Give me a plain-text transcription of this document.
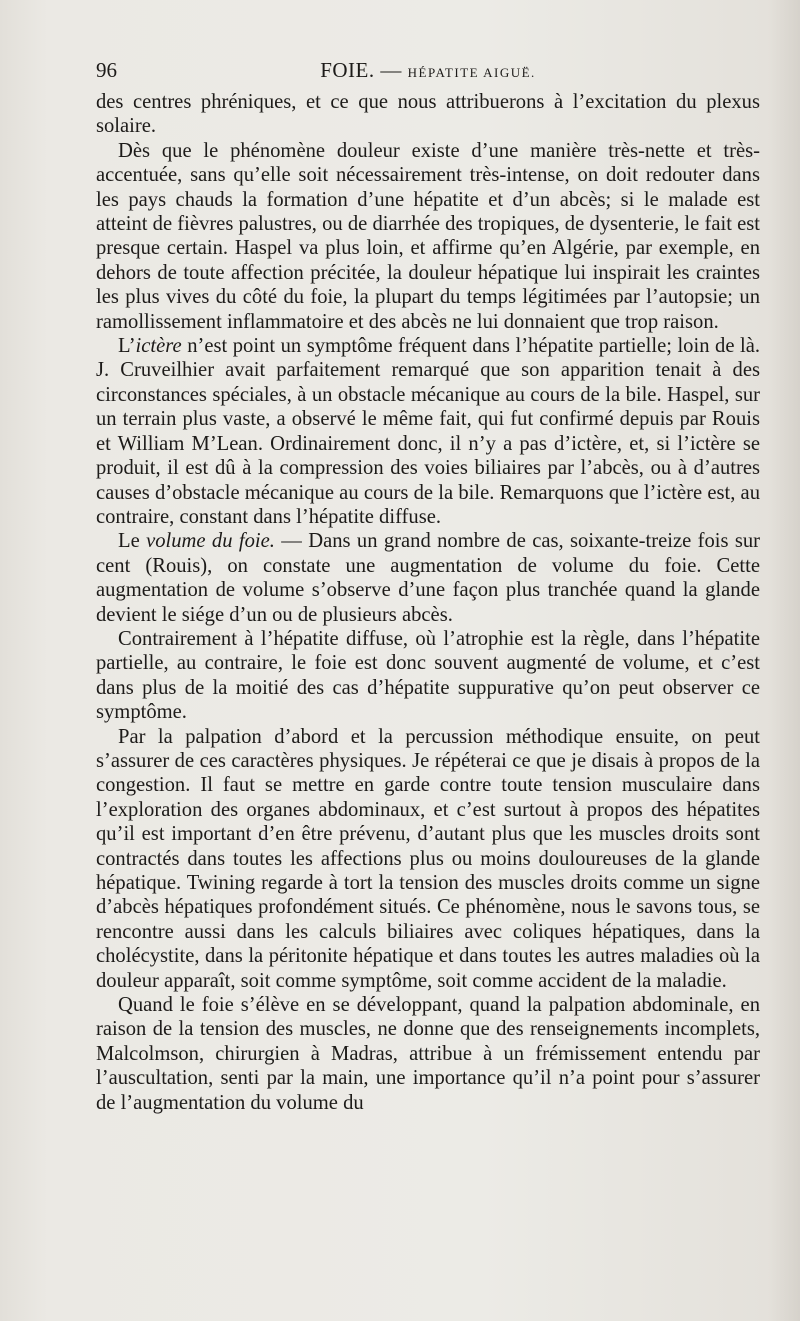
96	FOIE. — HÉPATITE AIGUË.

des centres phréniques, et ce que nous attribuerons à l’excitation du plexus solaire.

Dès que le phénomène douleur existe d’une manière très-nette et très-accentuée, sans qu’elle soit nécessairement très-intense, on doit redouter dans les pays chauds la formation d’une hépatite et d’un abcès; si le malade est atteint de fièvres palustres, ou de diarrhée des tropiques, de dysenterie, le fait est presque certain. Haspel va plus loin, et affirme qu’en Algérie, par exemple, en dehors de toute affection précitée, la douleur hépatique lui inspirait les craintes les plus vives du côté du foie, la plupart du temps légitimées par l’autopsie; un ramollissement inflammatoire et des abcès ne lui donnaient que trop raison.

L’ictère n’est point un symptôme fréquent dans l’hépatite partielle; loin de là. J. Cruveilhier avait parfaitement remarqué que son apparition tenait à des circonstances spéciales, à un obstacle mécanique au cours de la bile. Haspel, sur un terrain plus vaste, a observé le même fait, qui fut confirmé depuis par Rouis et William M’Lean. Ordinairement donc, il n’y a pas d’ictère, et, si l’ictère se produit, il est dû à la compression des voies biliaires par l’abcès, ou à d’autres causes d’obstacle mécanique au cours de la bile. Remarquons que l’ictère est, au contraire, constant dans l’hépatite diffuse.

Le volume du foie. — Dans un grand nombre de cas, soixante-treize fois sur cent (Rouis), on constate une augmentation de volume du foie. Cette augmentation de volume s’observe d’une façon plus tranchée quand la glande devient le siége d’un ou de plusieurs abcès.

Contrairement à l’hépatite diffuse, où l’atrophie est la règle, dans l’hépatite partielle, au contraire, le foie est donc souvent augmenté de volume, et c’est dans plus de la moitié des cas d’hépatite suppurative qu’on peut observer ce symptôme.

Par la palpation d’abord et la percussion méthodique ensuite, on peut s’assurer de ces caractères physiques. Je répéterai ce que je disais à propos de la congestion. Il faut se mettre en garde contre toute tension musculaire dans l’exploration des organes abdominaux, et c’est surtout à propos des hépatites qu’il est important d’en être prévenu, d’autant plus que les muscles droits sont contractés dans toutes les affections plus ou moins douloureuses de la glande hépatique. Twining regarde à tort la tension des muscles droits comme un signe d’abcès hépatiques profondément situés. Ce phénomène, nous le savons tous, se rencontre aussi dans les calculs biliaires avec coliques hépatiques, dans la cholécystite, dans la péritonite hépatique et dans toutes les autres maladies où la douleur apparaît, soit comme symptôme, soit comme accident de la maladie.

Quand le foie s’élève en se développant, quand la palpation abdominale, en raison de la tension des muscles, ne donne que des renseignements incomplets, Malcolmson, chirurgien à Madras, attribue à un frémissement entendu par l’auscultation, senti par la main, une importance qu’il n’a point pour s’assurer de l’augmentation du volume du
